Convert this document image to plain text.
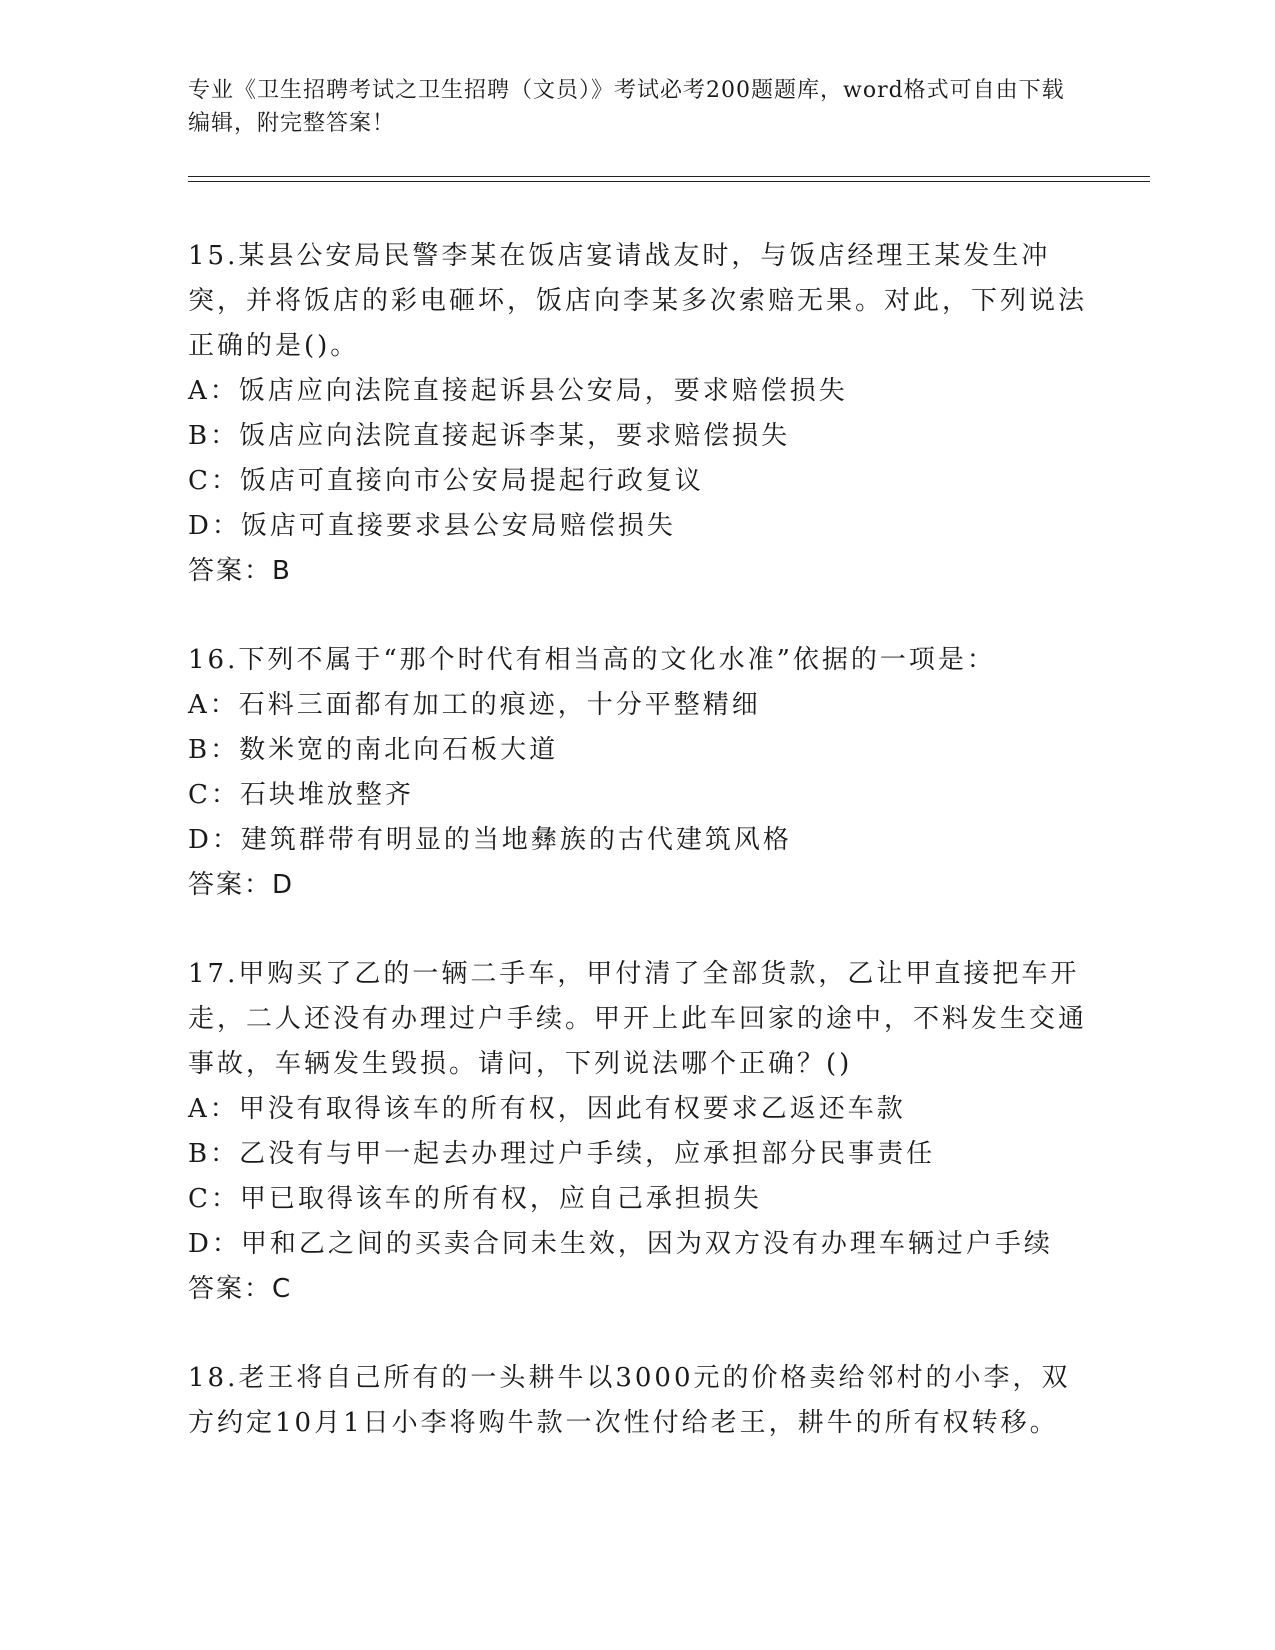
专业《卫生招聘考试之卫生招聘（文员）》考试必考200题题库，word格式可自由下载编辑，附完整答案！

15.某县公安局民警李某在饭店宴请战友时，与饭店经理王某发生冲突，并将饭店的彩电砸坏，饭店向李某多次索赔无果。对此，下列说法正确的是()。

A：饭店应向法院直接起诉县公安局，要求赔偿损失

B：饭店应向法院直接起诉李某，要求赔偿损失

C：饭店可直接向市公安局提起行政复议

D：饭店可直接要求县公安局赔偿损失

答案：B

16.下列不属于“那个时代有相当高的文化水准”依据的一项是：

A：石料三面都有加工的痕迹，十分平整精细

B：数米宽的南北向石板大道

C：石块堆放整齐

D：建筑群带有明显的当地彝族的古代建筑风格

答案：D

17.甲购买了乙的一辆二手车，甲付清了全部货款，乙让甲直接把车开走，二人还没有办理过户手续。甲开上此车回家的途中，不料发生交通事故，车辆发生毁损。请问，下列说法哪个正确？()

A：甲没有取得该车的所有权，因此有权要求乙返还车款

B：乙没有与甲一起去办理过户手续，应承担部分民事责任

C：甲已取得该车的所有权，应自己承担损失

D：甲和乙之间的买卖合同未生效，因为双方没有办理车辆过户手续

答案：C

18.老王将自己所有的一头耕牛以3000元的价格卖给邻村的小李，双方约定10月1日小李将购牛款一次性付给老王，耕牛的所有权转移。
